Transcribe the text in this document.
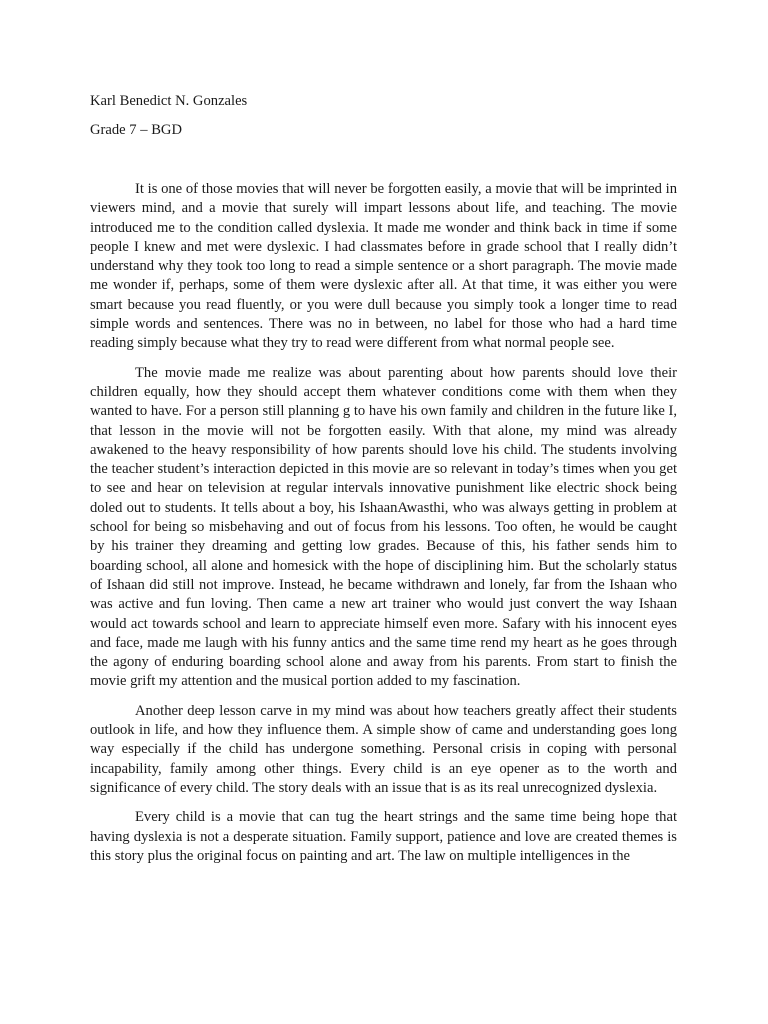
Karl Benedict N. Gonzales

Grade 7 – BGD

It is one of those movies that will never be forgotten easily, a movie that will be imprinted in viewers mind, and a movie that surely will impart lessons about life, and teaching. The movie introduced me to the condition called dyslexia. It made me wonder and think back in time if some people I knew and met were dyslexic. I had classmates before in grade school that I really didn’t understand why they took too long to read a simple sentence or a short paragraph. The movie made me wonder if, perhaps, some of them were dyslexic after all. At that time, it was either you were smart because you read fluently, or you were dull because you simply took a longer time to read simple words and sentences. There was no in between, no label for those who had a hard time reading simply because what they try to read were different from what normal people see.

The movie made me realize was about parenting about how parents should love their children equally, how they should accept them whatever conditions come with them when they wanted to have. For a person still planning g to have his own family and children in the future like I, that lesson in the movie will not be forgotten easily. With that alone, my mind was already awakened to the heavy responsibility of how parents should love his child. The students involving the teacher student’s interaction depicted in this movie are so relevant in today’s times when you get to see and hear on television at regular intervals innovative punishment like electric shock being doled out to students. It tells about a boy, his IshaanAwasthi, who was always getting in problem at school for being so misbehaving and out of focus from his lessons. Too often, he would be caught by his trainer they dreaming and getting low grades. Because of this, his father sends him to boarding school, all alone and homesick with the hope of disciplining him. But the scholarly status of Ishaan did still not improve. Instead, he became withdrawn and lonely, far from the Ishaan who was active and fun loving. Then came a new art trainer who would just convert the way Ishaan would act towards school and learn to appreciate himself even more. Safary with his innocent eyes and face, made me laugh with his funny antics and the same time rend my heart as he goes through the agony of enduring boarding school alone and away from his parents. From start to finish the movie grift my attention and the musical portion added to my fascination.

Another deep lesson carve in my mind was about how teachers greatly affect their students outlook in life, and how they influence them. A simple show of came and understanding goes long way especially if the child has undergone something. Personal crisis in coping with personal incapability, family among other things. Every child is an eye opener as to the worth and significance of every child. The story deals with an issue that is as its real unrecognized dyslexia.

Every child is a movie that can tug the heart strings and the same time being hope that having dyslexia is not a desperate situation. Family support, patience and love are created themes is this story plus the original focus on painting and art. The law on multiple intelligences in the
